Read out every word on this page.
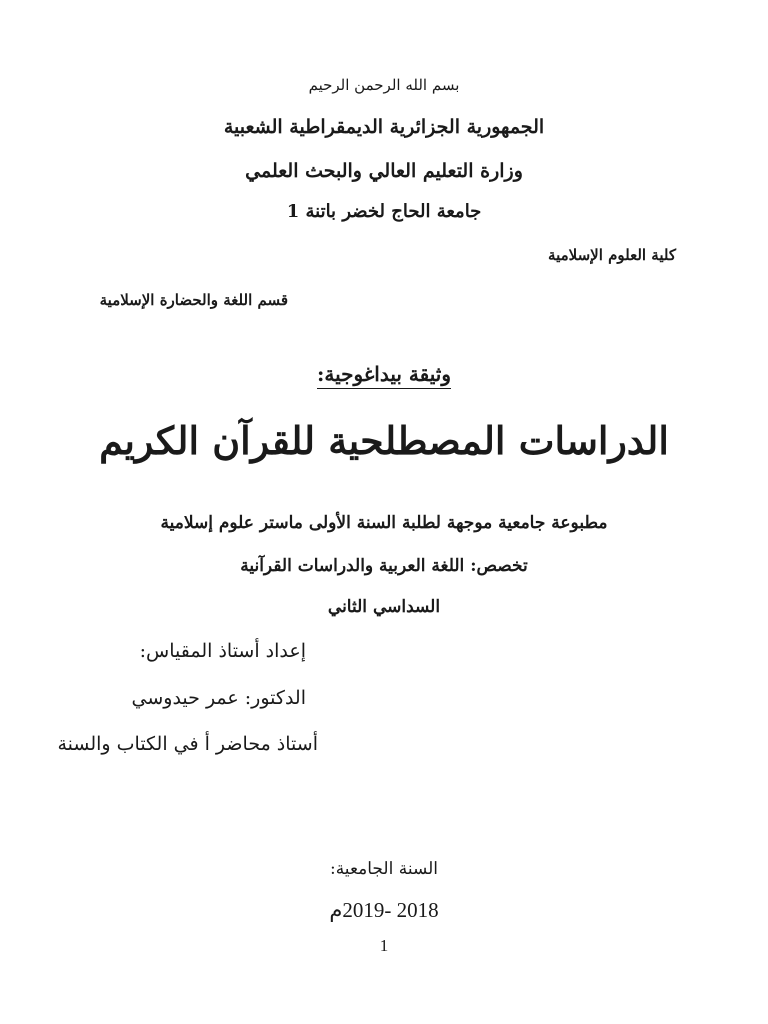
بسم الله الرحمن الرحيم
الجمهورية الجزائرية الديمقراطية الشعبية
وزارة التعليم العالي والبحث العلمي
جامعة الحاج لخضر باتنة 1
كلية العلوم الإسلامية
قسم اللغة والحضارة الإسلامية
وثيقة بيداغوجية:
الدراسات المصطلحية للقرآن الكريم
مطبوعة جامعية موجهة لطلبة السنة الأولى ماستر علوم إسلامية
تخصص: اللغة العربية والدراسات القرآنية
السداسي الثاني
إعداد أستاذ المقياس:
الدكتور: عمر حيدوسي
أستاذ محاضر أ في الكتاب والسنة
السنة الجامعية:
2018 -2019م
1
